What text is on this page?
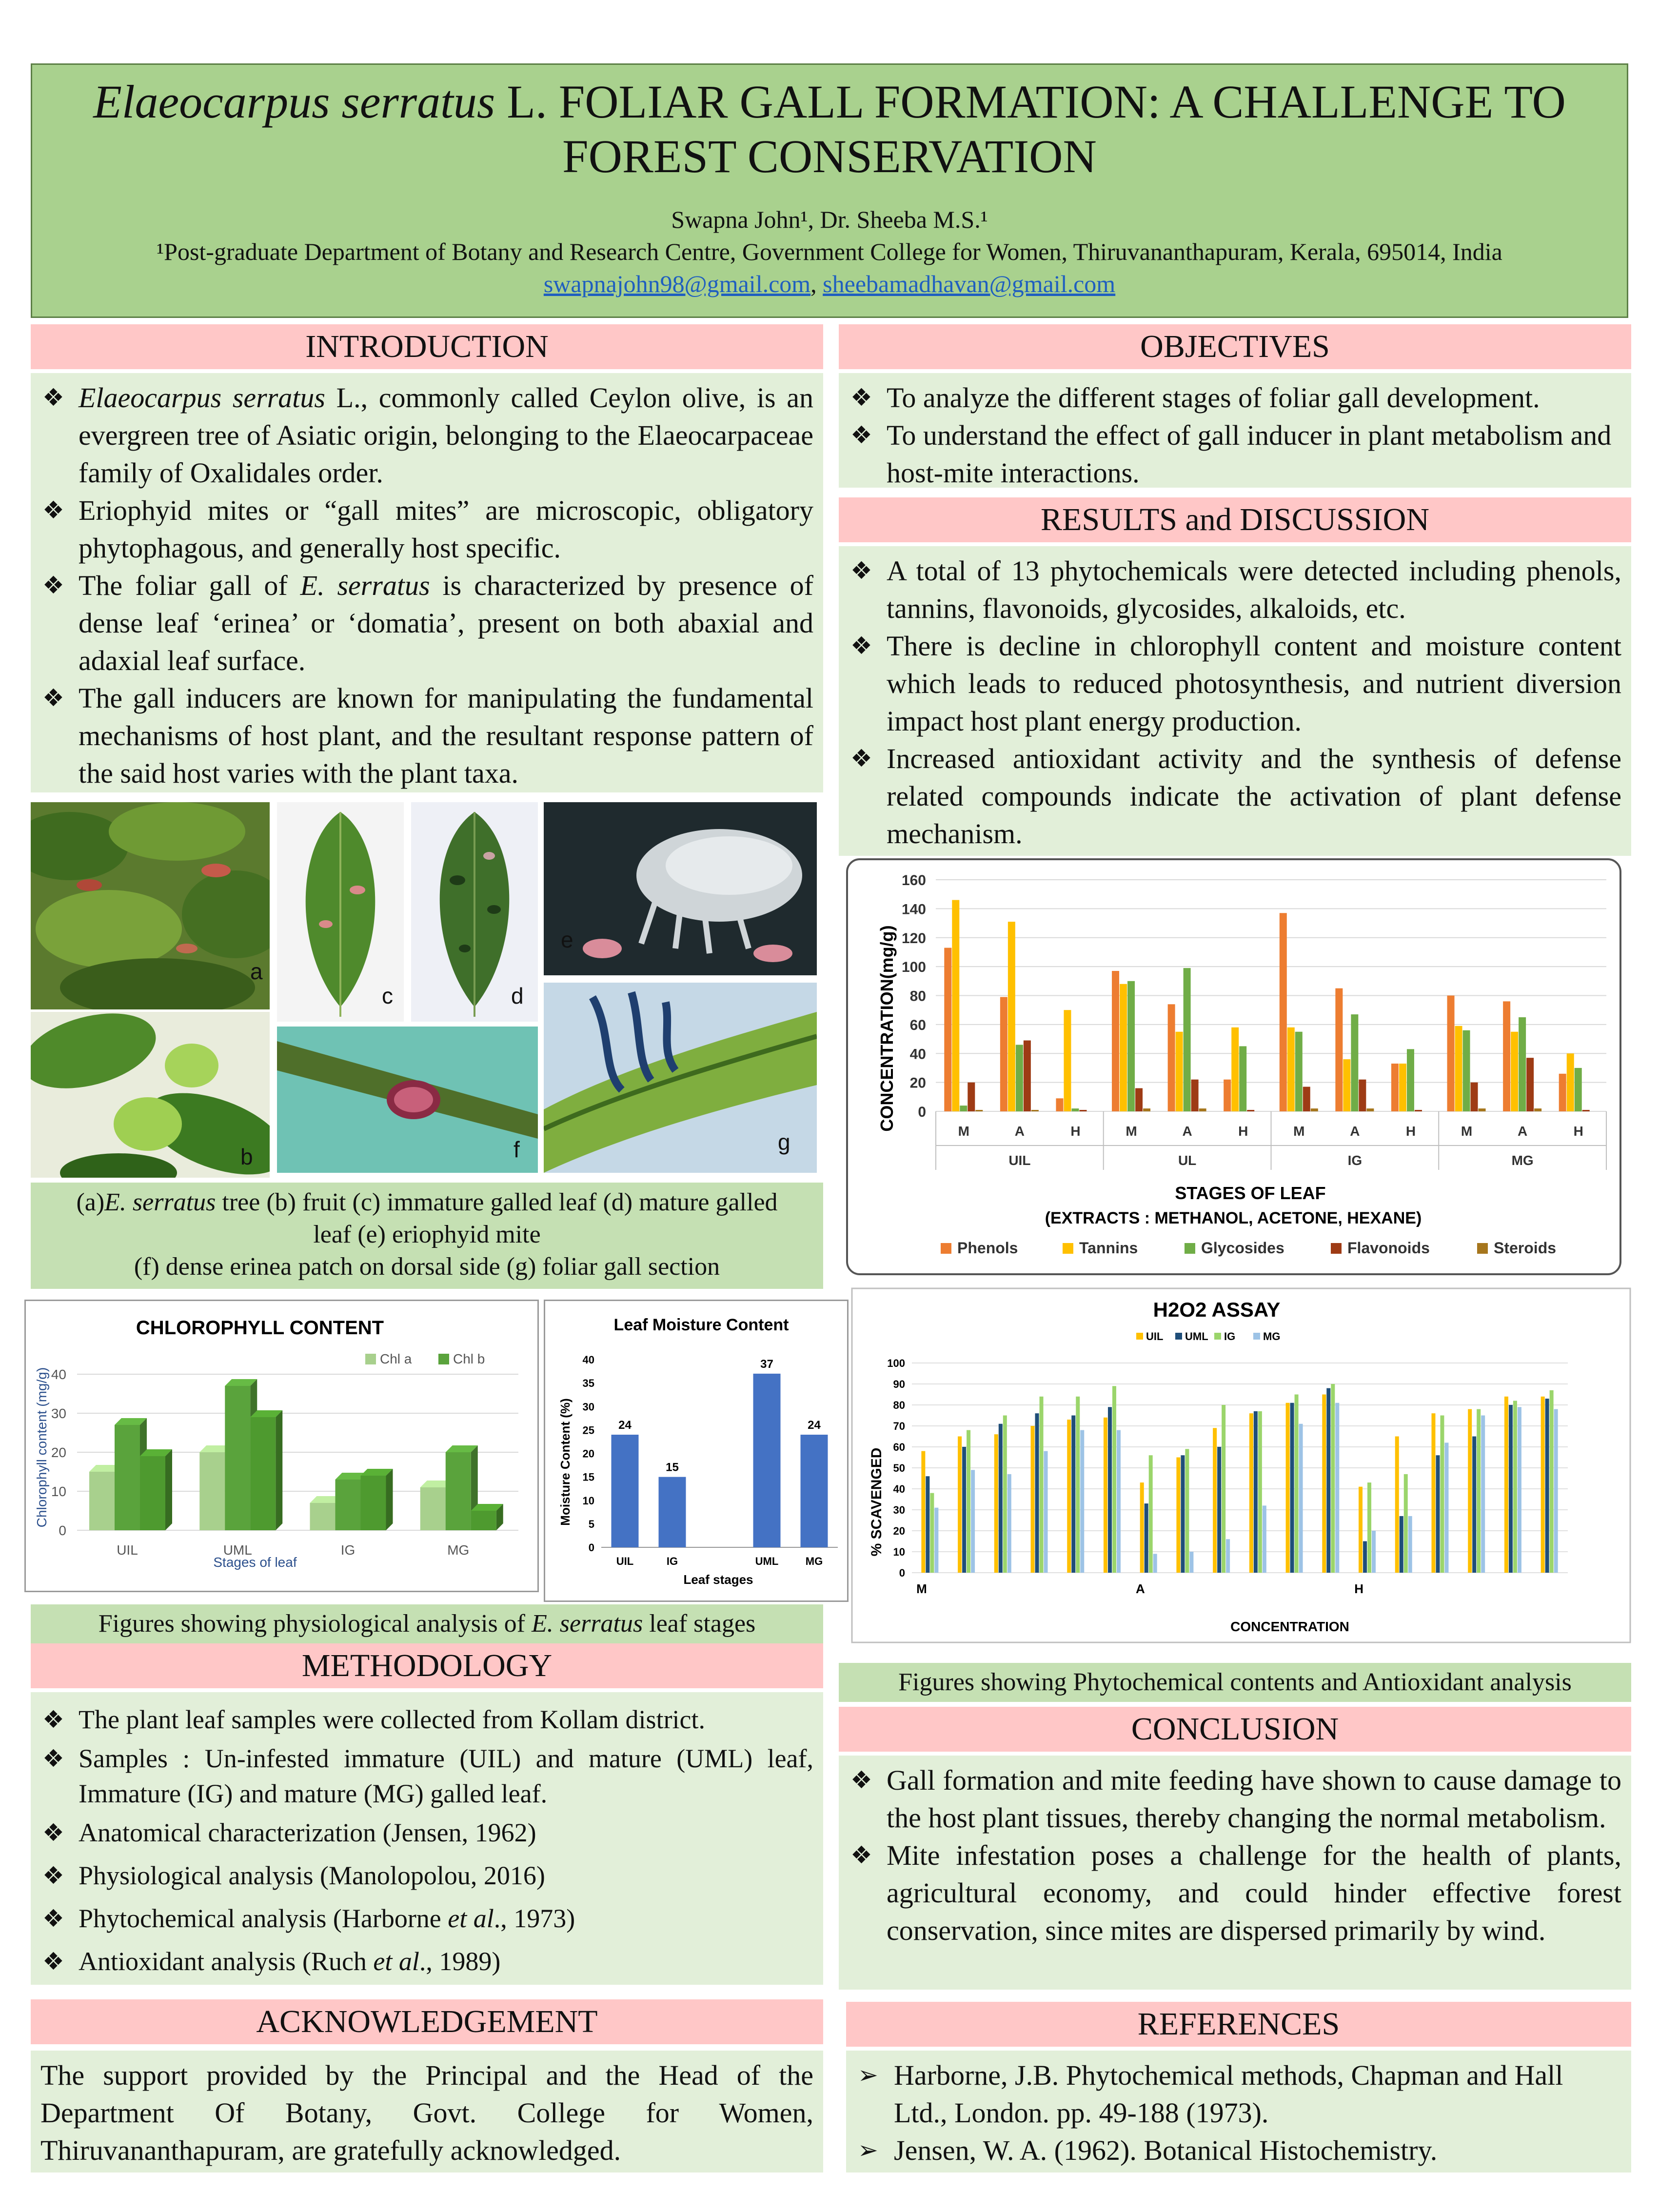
Elaeocarpus serratus L. FOLIAR GALL FORMATION: A CHALLENGE TO FOREST CONSERVATION
Swapna John¹, Dr. Sheeba M.S.¹
¹Post-graduate Department of Botany and Research Centre, Government College for Women, Thiruvananthapuram, Kerala, 695014, India
swapnajohn98@gmail.com, sheebamadhavan@gmail.com
INTRODUCTION
❖ Elaeocarpus serratus L., commonly called Ceylon olive, is an evergreen tree of Asiatic origin, belonging to the Elaeocarpaceae family of Oxalidales order.
❖ Eriophyid mites or “gall mites” are microscopic, obligatory phytophagous, and generally host specific.
❖ The foliar gall of E. serratus is characterized by presence of dense leaf ‘erinea’ or ‘domatia’, present on both abaxial and adaxial leaf surface.
❖ The gall inducers are known for manipulating the fundamental mechanisms of host plant, and the resultant response pattern of the said host varies with the plant taxa.
a
b
c	d
e
f	g
(a)E. serratus tree (b) fruit (c) immature galled leaf (d) mature galled
leaf (e) eriophyid mite
(f) dense erinea patch on dorsal side (g) foliar gall section
CHLOROPHYLL CONTENT
Stages of leaf
Chlorophyll content (mg/g)
0
10
20
30
40
UIL	UML	IG	MG
Chl a	Chl b
Leaf Moisture Content
Leaf stages
Moisture Content (%)
0
5
10
15
20
25
30
35
40
UIL	IG	UML	MG
24
15
37
24
Figures showing physiological analysis of E. serratus leaf stages
METHODOLOGY
❖ The plant leaf samples were collected from Kollam district.
❖ Samples : Un-infested immature (UIL) and mature (UML) leaf, Immature (IG) and mature (MG) galled leaf.
❖ Anatomical characterization (Jensen, 1962)
❖ Physiological analysis (Manolopolou, 2016)
❖ Phytochemical analysis (Harborne et al., 1973)
❖ Antioxidant analysis (Ruch et al., 1989)
ACKNOWLEDGEMENT
The support provided by the Principal and the Head of the Department Of Botany, Govt. College for Women, Thiruvananthapuram, are gratefully acknowledged.
OBJECTIVES
❖ To analyze the different stages of foliar gall development.
❖ To understand the effect of gall inducer in plant metabolism and host-mite interactions.
RESULTS and DISCUSSION
❖ A total of 13 phytochemicals were detected including phenols, tannins, flavonoids, glycosides, alkaloids, etc.
❖ There is decline in chlorophyll content and moisture content which leads to reduced photosynthesis, and nutrient diversion impact host plant energy production.
❖ Increased antioxidant activity and the synthesis of defense related compounds indicate the activation of plant defense mechanism.
CONCENTRATION(mg/g)
STAGES OF LEAF
(EXTRACTS : METHANOL, ACETONE, HEXANE)
0
20
40
60
80
100
120
140
160
M	A	H	M	A	H	M	A	H	M	A	H
UIL	UL	IG	MG
Phenols	Tannins	Glycosides	Flavonoids	Steroids
H2O2 ASSAY
CONCENTRATION
% SCAVENGED
0
10
20
30
40
50
60
70
80
90
100
M	A	H
UIL UML IG	MG
Figures showing Phytochemical contents and Antioxidant analysis
CONCLUSION
❖ Gall formation and mite feeding have shown to cause damage to the host plant tissues, thereby changing the normal metabolism.
❖ Mite infestation poses a challenge for the health of plants, agricultural economy, and could hinder effective forest conservation, since mites are dispersed primarily by wind.
REFERENCES
➢ Harborne, J.B. Phytochemical methods, Chapman and Hall Ltd., London. pp. 49-188 (1973).
➢ Jensen, W. A. (1962). Botanical Histochemistry.
